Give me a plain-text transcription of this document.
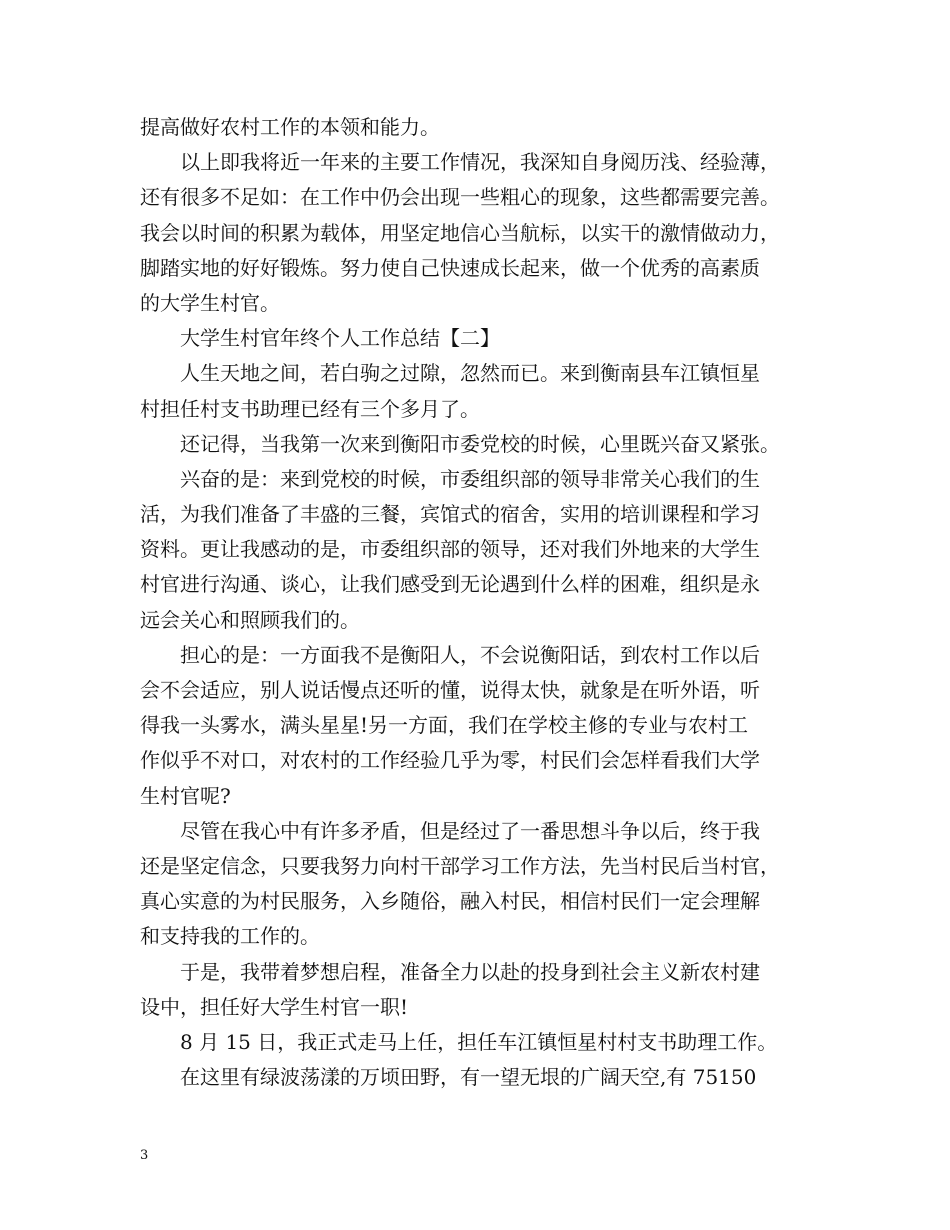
提高做好农村工作的本领和能力。
以上即我将近一年来的主要工作情况，我深知自身阅历浅、经验薄，
还有很多不足如：在工作中仍会出现一些粗心的现象，这些都需要完善。
我会以时间的积累为载体，用坚定地信心当航标，以实干的激情做动力，
脚踏实地的好好锻炼。努力使自己快速成长起来，做一个优秀的高素质
的大学生村官。
大学生村官年终个人工作总结【二】
人生天地之间，若白驹之过隙，忽然而已。来到衡南县车江镇恒星
村担任村支书助理已经有三个多月了。
还记得，当我第一次来到衡阳市委党校的时候，心里既兴奋又紧张。
兴奋的是：来到党校的时候，市委组织部的领导非常关心我们的生
活，为我们准备了丰盛的三餐，宾馆式的宿舍，实用的培训课程和学习
资料。更让我感动的是，市委组织部的领导，还对我们外地来的大学生
村官进行沟通、谈心，让我们感受到无论遇到什么样的困难，组织是永
远会关心和照顾我们的。
担心的是：一方面我不是衡阳人，不会说衡阳话，到农村工作以后
会不会适应，别人说话慢点还听的懂，说得太快，就象是在听外语，听
得我一头雾水，满头星星!另一方面，我们在学校主修的专业与农村工
作似乎不对口，对农村的工作经验几乎为零，村民们会怎样看我们大学
生村官呢?
尽管在我心中有许多矛盾，但是经过了一番思想斗争以后，终于我
还是坚定信念，只要我努力向村干部学习工作方法，先当村民后当村官，
真心实意的为村民服务，入乡随俗，融入村民，相信村民们一定会理解
和支持我的工作的。
于是，我带着梦想启程，准备全力以赴的投身到社会主义新农村建
设中，担任好大学生村官一职!
8 月 15 日，我正式走马上任，担任车江镇恒星村村支书助理工作。
在这里有绿波荡漾的万顷田野，有一望无垠的广阔天空,有 75150
3
